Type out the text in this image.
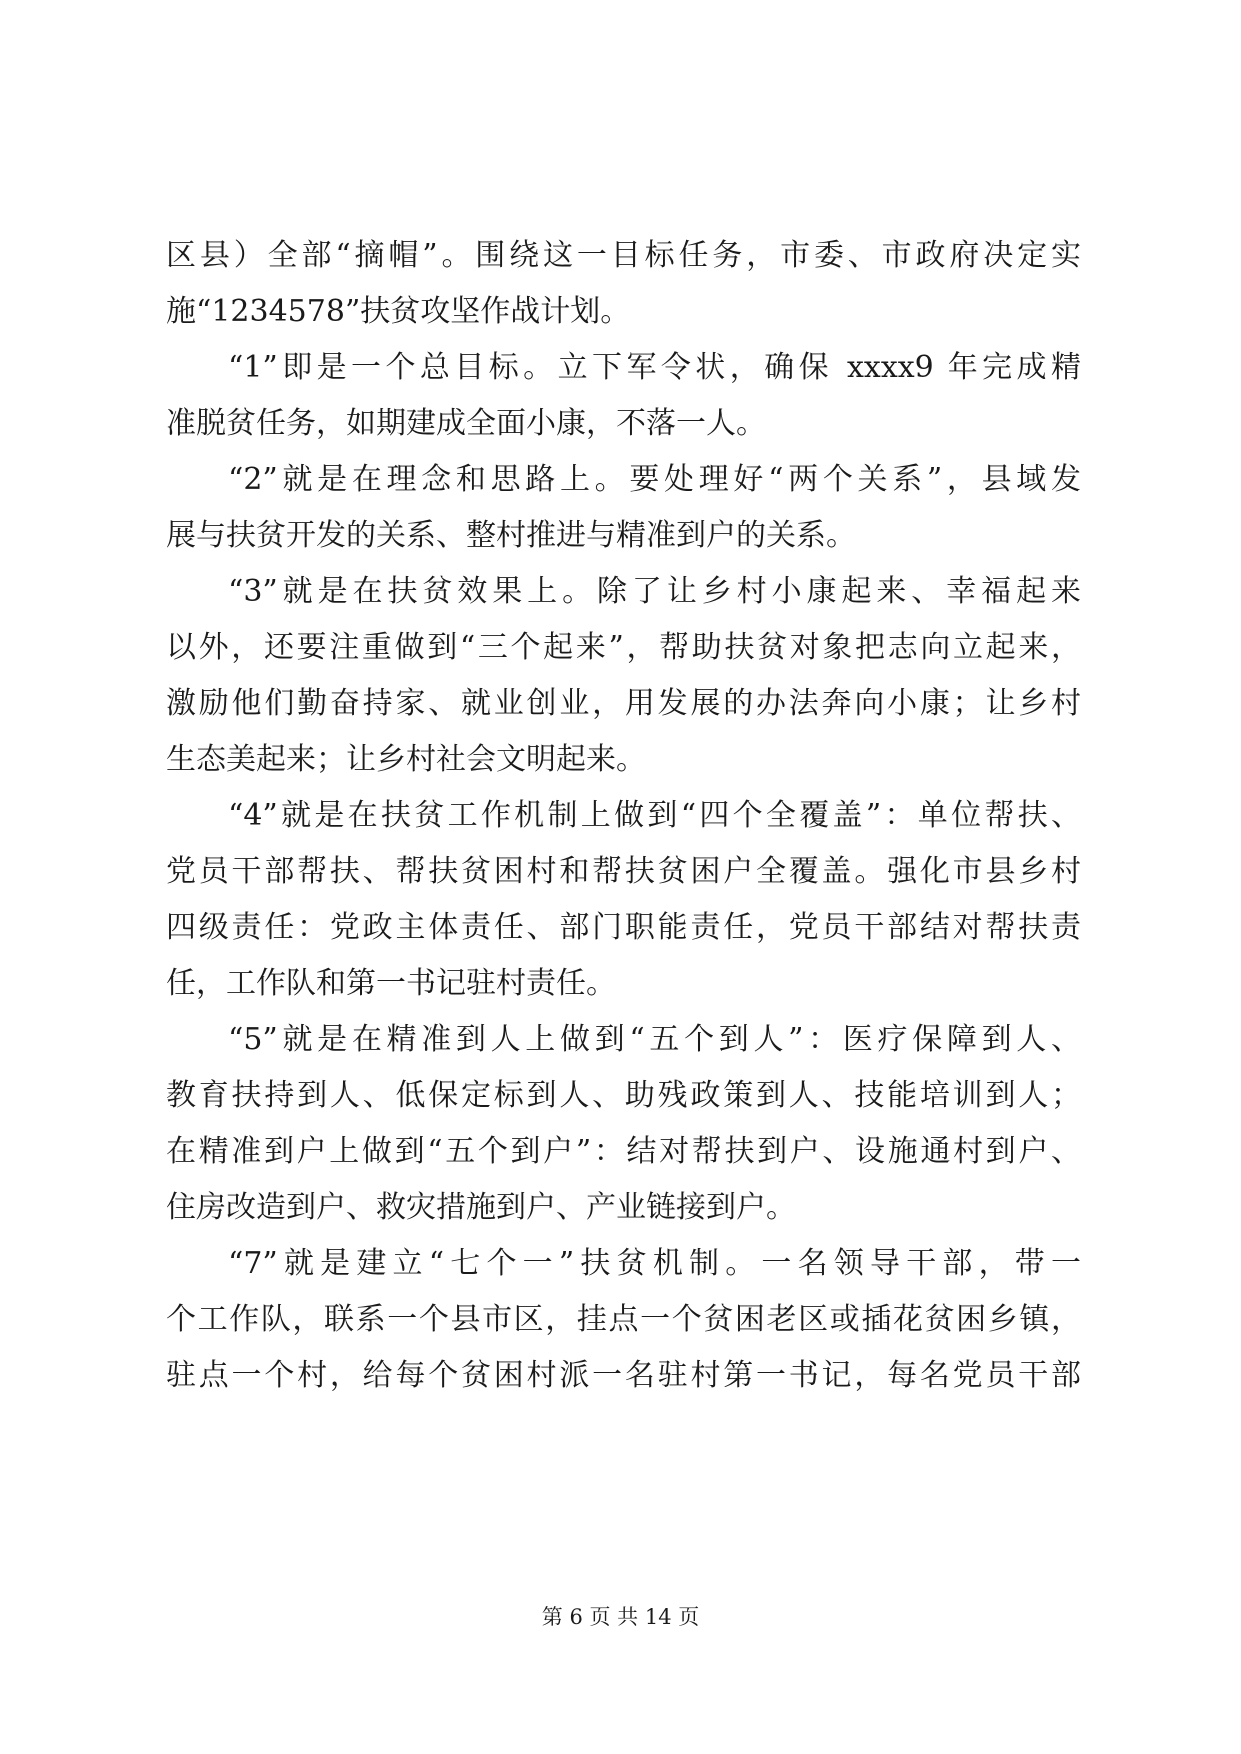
区县）全部“摘帽”。围绕这一目标任务，市委、市政府决定实
施“1234578”扶贫攻坚作战计划。
“1”即是一个总目标。立下军令状，确保 xxxx9 年完成精
准脱贫任务，如期建成全面小康，不落一人。
“2”就是在理念和思路上。要处理好“两个关系”，县域发
展与扶贫开发的关系、整村推进与精准到户的关系。
“3”就是在扶贫效果上。除了让乡村小康起来、幸福起来
以外，还要注重做到“三个起来”，帮助扶贫对象把志向立起来，
激励他们勤奋持家、就业创业，用发展的办法奔向小康；让乡村
生态美起来；让乡村社会文明起来。
“4”就是在扶贫工作机制上做到“四个全覆盖”：单位帮扶、
党员干部帮扶、帮扶贫困村和帮扶贫困户全覆盖。强化市县乡村
四级责任：党政主体责任、部门职能责任，党员干部结对帮扶责
任，工作队和第一书记驻村责任。
“5”就是在精准到人上做到“五个到人”：医疗保障到人、
教育扶持到人、低保定标到人、助残政策到人、技能培训到人；
在精准到户上做到“五个到户”：结对帮扶到户、设施通村到户、
住房改造到户、救灾措施到户、产业链接到户。
“7”就是建立“七个一”扶贫机制。一名领导干部，带一
个工作队，联系一个县市区，挂点一个贫困老区或插花贫困乡镇，
驻点一个村，给每个贫困村派一名驻村第一书记，每名党员干部
第 6 页 共 14 页
